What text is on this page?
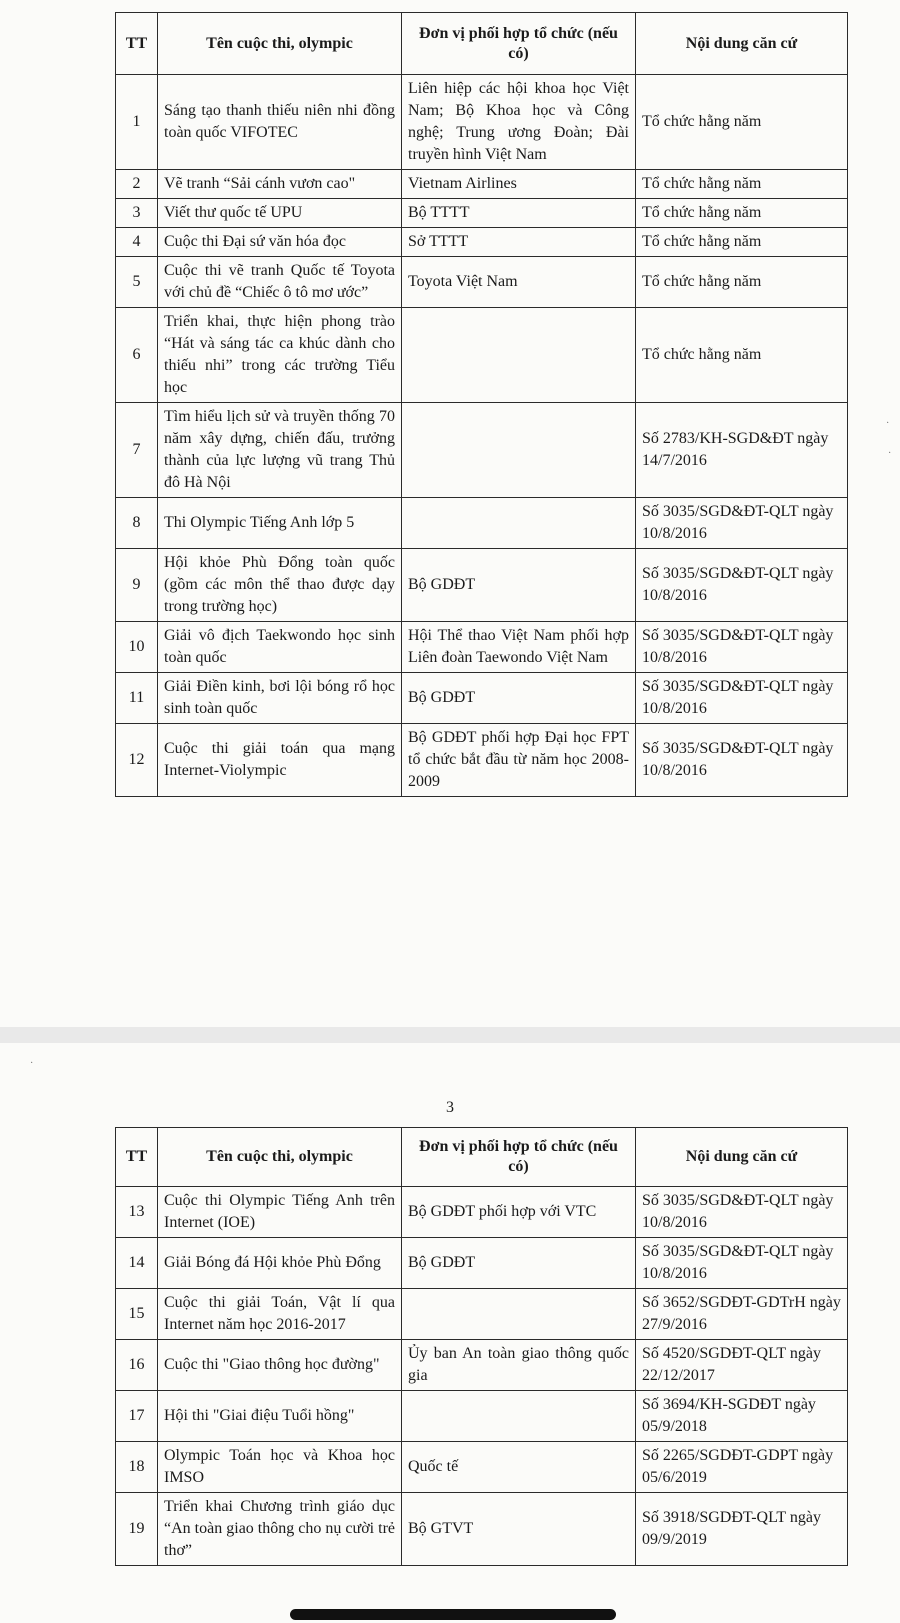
3
TT	Tên cuộc thi, olympic	Đơn vị phối hợp tổ chức (nếu có)	Nội dung căn cứ
1	Sáng tạo thanh thiếu niên nhi đồng toàn quốc VIFOTEC	Liên hiệp các hội khoa học Việt Nam; Bộ Khoa học và Công nghệ; Trung ương Đoàn; Đài truyền hình Việt Nam	Tổ chức hằng năm
2	Vẽ tranh “Sải cánh vươn cao"	Vietnam Airlines	Tổ chức hằng năm
3	Viết thư quốc tế UPU	Bộ TTTT	Tổ chức hằng năm
4	Cuộc thi Đại sứ văn hóa đọc	Sở TTTT	Tổ chức hằng năm
5	Cuộc thi vẽ tranh Quốc tế Toyota với chủ đề “Chiếc ô tô mơ ước”	Toyota Việt Nam	Tổ chức hằng năm
6	Triển khai, thực hiện phong trào “Hát và sáng tác ca khúc dành cho thiếu nhi” trong các trường Tiểu học		Tổ chức hằng năm
7	Tìm hiểu lịch sử và truyền thống 70 năm xây dựng, chiến đấu, trưởng thành của lực lượng vũ trang Thủ đô Hà Nội		Số 2783/KH-SGD&ĐT ngày 14/7/2016
8	Thi Olympic Tiếng Anh lớp 5		Số 3035/SGD&ĐT-QLT ngày 10/8/2016
9	Hội khỏe Phù Đổng toàn quốc (gồm các môn thể thao được dạy trong trường học)	Bộ GDĐT	Số 3035/SGD&ĐT-QLT ngày 10/8/2016
10	Giải vô địch Taekwondo học sinh toàn quốc	Hội Thể thao Việt Nam phối hợp Liên đoàn Taewondo Việt Nam	Số 3035/SGD&ĐT-QLT ngày 10/8/2016
11	Giải Điền kinh, bơi lội bóng rổ học sinh toàn quốc	Bộ GDĐT	Số 3035/SGD&ĐT-QLT ngày 10/8/2016
12	Cuộc thi giải toán qua mạng Internet-Violympic	Bộ GDĐT phối hợp Đại học FPT tổ chức bắt đầu từ năm học 2008-2009	Số 3035/SGD&ĐT-QLT ngày 10/8/2016
TT	Tên cuộc thi, olympic	Đơn vị phối hợp tổ chức (nếu có)	Nội dung căn cứ
13	Cuộc thi Olympic Tiếng Anh trên Internet (IOE)	Bộ GDĐT phối hợp với VTC	Số 3035/SGD&ĐT-QLT ngày 10/8/2016
14	Giải Bóng đá Hội khỏe Phù Đổng	Bộ GDĐT	Số 3035/SGD&ĐT-QLT ngày 10/8/2016
15	Cuộc thi giải Toán, Vật lí qua Internet năm học 2016-2017		Số 3652/SGDĐT-GDTrH ngày 27/9/2016
16	Cuộc thi "Giao thông học đường"	Ủy ban An toàn giao thông quốc gia	Số 4520/SGDĐT-QLT ngày 22/12/2017
17	Hội thi "Giai điệu Tuổi hồng"		Số 3694/KH-SGDĐT ngày 05/9/2018
18	Olympic Toán học và Khoa học IMSO	Quốc tế	Số 2265/SGDĐT-GDPT ngày 05/6/2019
19	Triển khai Chương trình giáo dục “An toàn giao thông cho nụ cười trẻ thơ”	Bộ GTVT	Số 3918/SGDĐT-QLT ngày 09/9/2019
·
·
·
